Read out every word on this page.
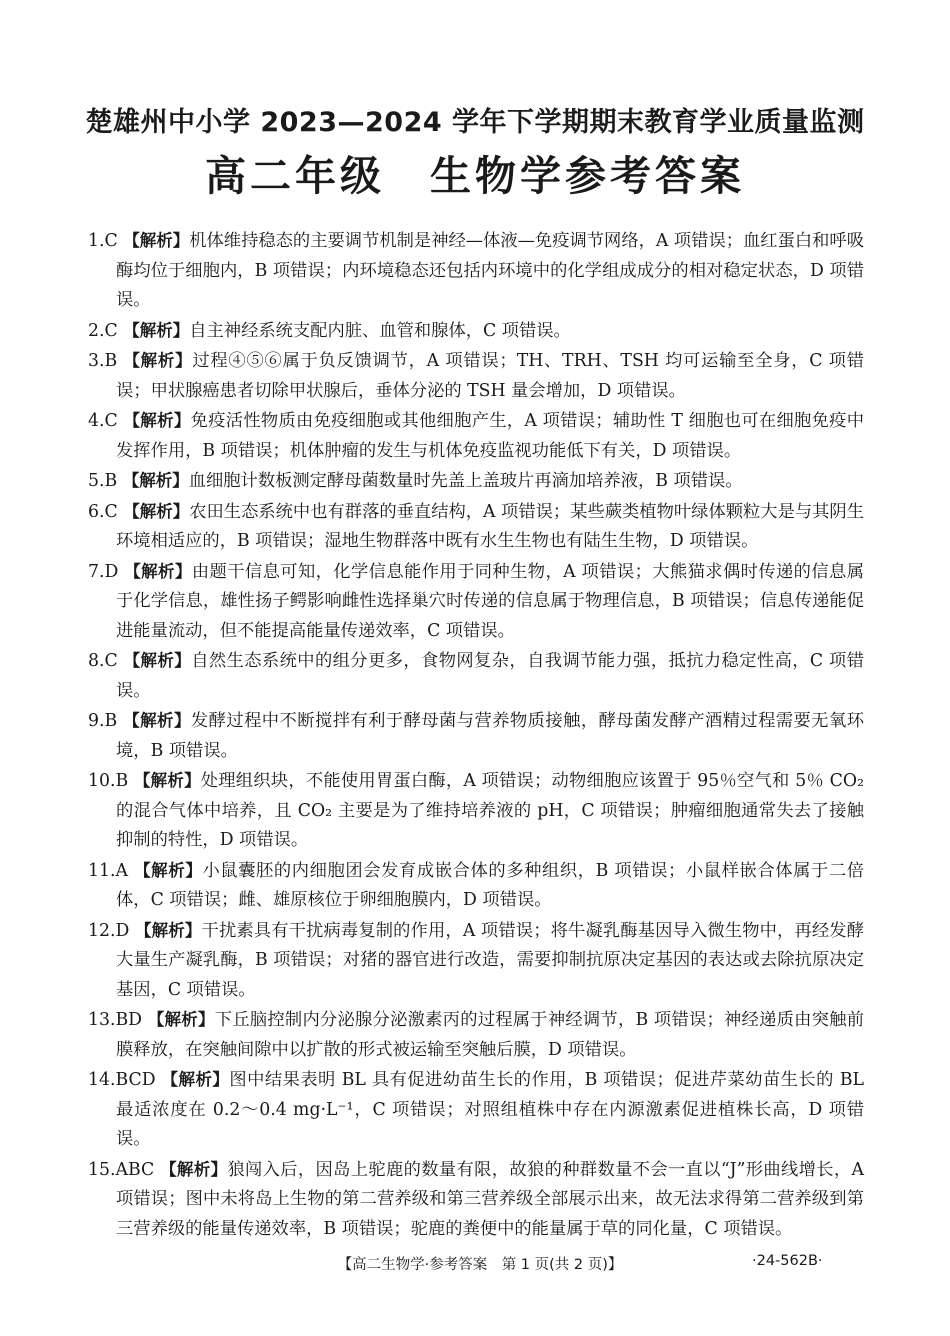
楚雄州中小学 2023—2024 学年下学期期末教育学业质量监测
高二年级　生物学参考答案

1.C 【解析】机体维持稳态的主要调节机制是神经—体液—免疫调节网络，A 项错误；血红蛋白和呼吸酶均位于细胞内，B 项错误；内环境稳态还包括内环境中的化学组成成分的相对稳定状态，D 项错误。

2.C 【解析】自主神经系统支配内脏、血管和腺体，C 项错误。

3.B 【解析】过程④⑤⑥属于负反馈调节，A 项错误；TH、TRH、TSH 均可运输至全身，C 项错误；甲状腺癌患者切除甲状腺后，垂体分泌的 TSH 量会增加，D 项错误。

4.C 【解析】免疫活性物质由免疫细胞或其他细胞产生，A 项错误；辅助性 T 细胞也可在细胞免疫中发挥作用，B 项错误；机体肿瘤的发生与机体免疫监视功能低下有关，D 项错误。

5.B 【解析】血细胞计数板测定酵母菌数量时先盖上盖玻片再滴加培养液，B 项错误。

6.C 【解析】农田生态系统中也有群落的垂直结构，A 项错误；某些蕨类植物叶绿体颗粒大是与其阴生环境相适应的，B 项错误；湿地生物群落中既有水生生物也有陆生生物，D 项错误。

7.D 【解析】由题干信息可知，化学信息能作用于同种生物，A 项错误；大熊猫求偶时传递的信息属于化学信息，雄性扬子鳄影响雌性选择巢穴时传递的信息属于物理信息，B 项错误；信息传递能促进能量流动，但不能提高能量传递效率，C 项错误。

8.C 【解析】自然生态系统中的组分更多，食物网复杂，自我调节能力强，抵抗力稳定性高，C 项错误。

9.B 【解析】发酵过程中不断搅拌有利于酵母菌与营养物质接触，酵母菌发酵产酒精过程需要无氧环境，B 项错误。

10.B 【解析】处理组织块，不能使用胃蛋白酶，A 项错误；动物细胞应该置于 95％空气和 5％ CO₂ 的混合气体中培养，且 CO₂ 主要是为了维持培养液的 pH，C 项错误；肿瘤细胞通常失去了接触抑制的特性，D 项错误。

11.A 【解析】小鼠囊胚的内细胞团会发育成嵌合体的多种组织，B 项错误；小鼠样嵌合体属于二倍体，C 项错误；雌、雄原核位于卵细胞膜内，D 项错误。

12.D 【解析】干扰素具有干扰病毒复制的作用，A 项错误；将牛凝乳酶基因导入微生物中，再经发酵大量生产凝乳酶，B 项错误；对猪的器官进行改造，需要抑制抗原决定基因的表达或去除抗原决定基因，C 项错误。

13.BD 【解析】下丘脑控制内分泌腺分泌激素丙的过程属于神经调节，B 项错误；神经递质由突触前膜释放，在突触间隙中以扩散的形式被运输至突触后膜，D 项错误。

14.BCD 【解析】图中结果表明 BL 具有促进幼苗生长的作用，B 项错误；促进芹菜幼苗生长的 BL 最适浓度在 0.2～0.4 mg·L⁻¹，C 项错误；对照组植株中存在内源激素促进植株长高，D 项错误。

15.ABC 【解析】狼闯入后，因岛上驼鹿的数量有限，故狼的种群数量不会一直以“J”形曲线增长，A 项错误；图中未将岛上生物的第二营养级和第三营养级全部展示出来，故无法求得第二营养级到第三营养级的能量传递效率，B 项错误；驼鹿的粪便中的能量属于草的同化量，C 项错误。

【高二生物学·参考答案　第 1 页(共 2 页)】	·24-562B·
